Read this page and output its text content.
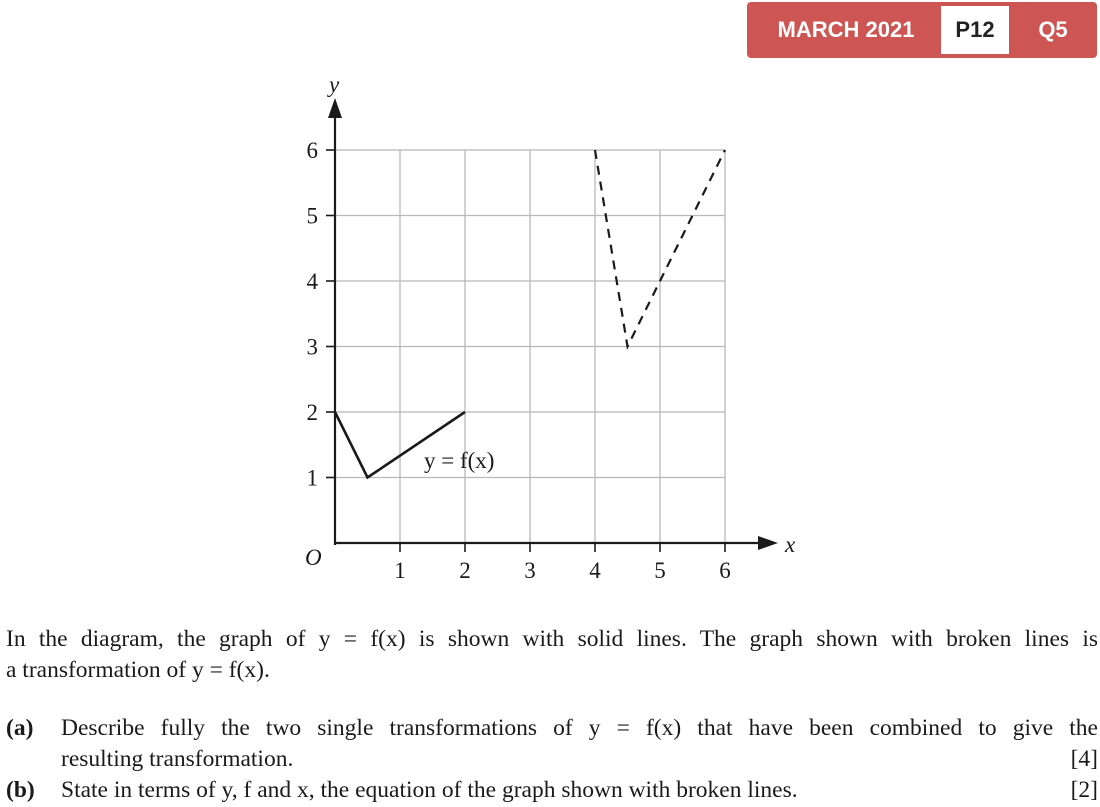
MARCH 2021	P12	Q5
1 2 3 4 5 6
1
2
3
4
5
6
y
x
O
y = f(x)
In the diagram, the graph of y = f(x) is shown with solid lines. The graph shown with broken lines is
a transformation of y = f(x).
(a) Describe fully the two single transformations of y = f(x) that have been combined to give the
resulting transformation.	[4]
(b) State in terms of y, f and x, the equation of the graph shown with broken lines.	[2]
